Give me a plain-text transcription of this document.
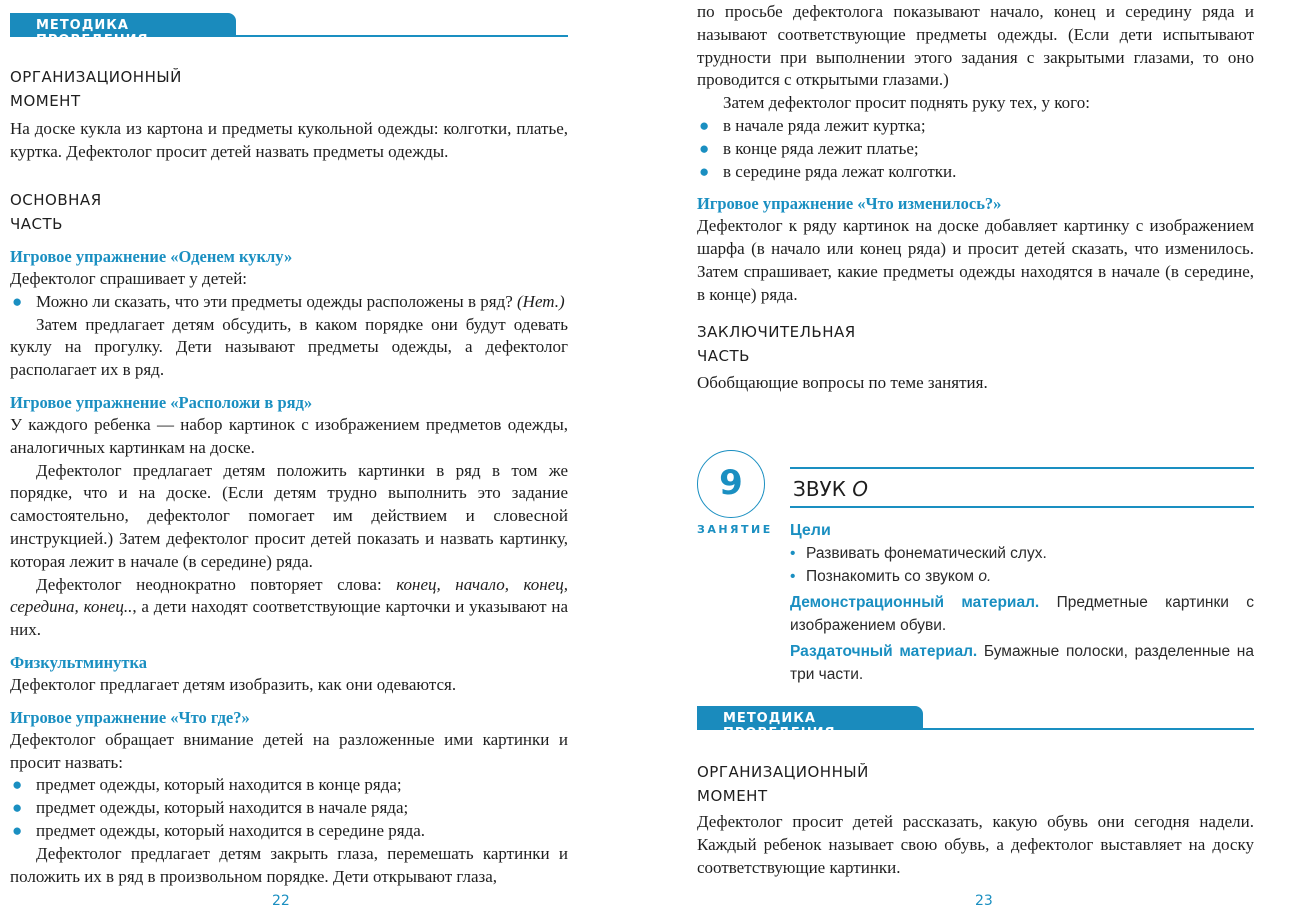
МЕТОДИКА ПРОВЕДЕНИЯ
ОРГАНИЗАЦИОННЫЙ
МОМЕНТ

На доске кукла из картона и предметы кукольной одежды: колготки, платье, куртка. Дефектолог просит детей назвать предметы одежды.

ОСНОВНАЯ
ЧАСТЬ
Игровое упражнение «Оденем куклу»

Дефектолог спрашивает у детей:

● Можно ли сказать, что эти предметы одежды расположены в ряд? (Нет.)

Затем предлагает детям обсудить, в каком порядке они будут одевать куклу на прогулку. Дети называют предметы одежды, а дефектолог располагает их в ряд.

Игровое упражнение «Расположи в ряд»

У каждого ребенка — набор картинок с изображением предметов одежды, аналогичных картинкам на доске.

Дефектолог предлагает детям положить картинки в ряд в том же порядке, что и на доске. (Если детям трудно выполнить это задание самостоятельно, дефектолог помогает им действием и словесной инструкцией.) Затем дефектолог просит детей показать и назвать картинку, которая лежит в начале (в середине) ряда.

Дефектолог неоднократно повторяет слова: конец, начало, конец, середина, конец.., а дети находят соответствующие карточки и указывают на них.

Физкультминутка

Дефектолог предлагает детям изобразить, как они одеваются.

Игровое упражнение «Что где?»

Дефектолог обращает внимание детей на разложенные ими картинки и просит назвать:

● предмет одежды, который находится в конце ряда;
● предмет одежды, который находится в начале ряда;
● предмет одежды, который находится в середине ряда.

Дефектолог предлагает детям закрыть глаза, перемешать картинки и положить их в ряд в произвольном порядке. Дети открывают глаза,

22

по просьбе дефектолога показывают начало, конец и середину ряда и называют соответствующие предметы одежды. (Если дети испытывают трудности при выполнении этого задания с закрытыми глазами, то оно проводится с открытыми глазами.)

Затем дефектолог просит поднять руку тех, у кого:

● в начале ряда лежит куртка;
● в конце ряда лежит платье;
● в середине ряда лежат колготки.
Игровое упражнение «Что изменилось?»

Дефектолог к ряду картинок на доске добавляет картинку с изображением шарфа (в начало или конец ряда) и просит детей сказать, что изменилось. Затем спрашивает, какие предметы одежды находятся в начале (в середине, в конце) ряда.

ЗАКЛЮЧИТЕЛЬНАЯ
ЧАСТЬ

Обобщающие вопросы по теме занятия.

9
ЗАНЯТИЕ
ЗВУК О
Цели
• Развивать фонематический слух.
• Познакомить со звуком о.
Демонстрационный материал. Предметные картинки с изображением обуви.
Раздаточный материал. Бумажные полоски, разделенные на три части.
МЕТОДИКА ПРОВЕДЕНИЯ
ОРГАНИЗАЦИОННЫЙ
МОМЕНТ

Дефектолог просит детей рассказать, какую обувь они сегодня надели. Каждый ребенок называет свою обувь, а дефектолог выставляет на доску соответствующие картинки.

23
